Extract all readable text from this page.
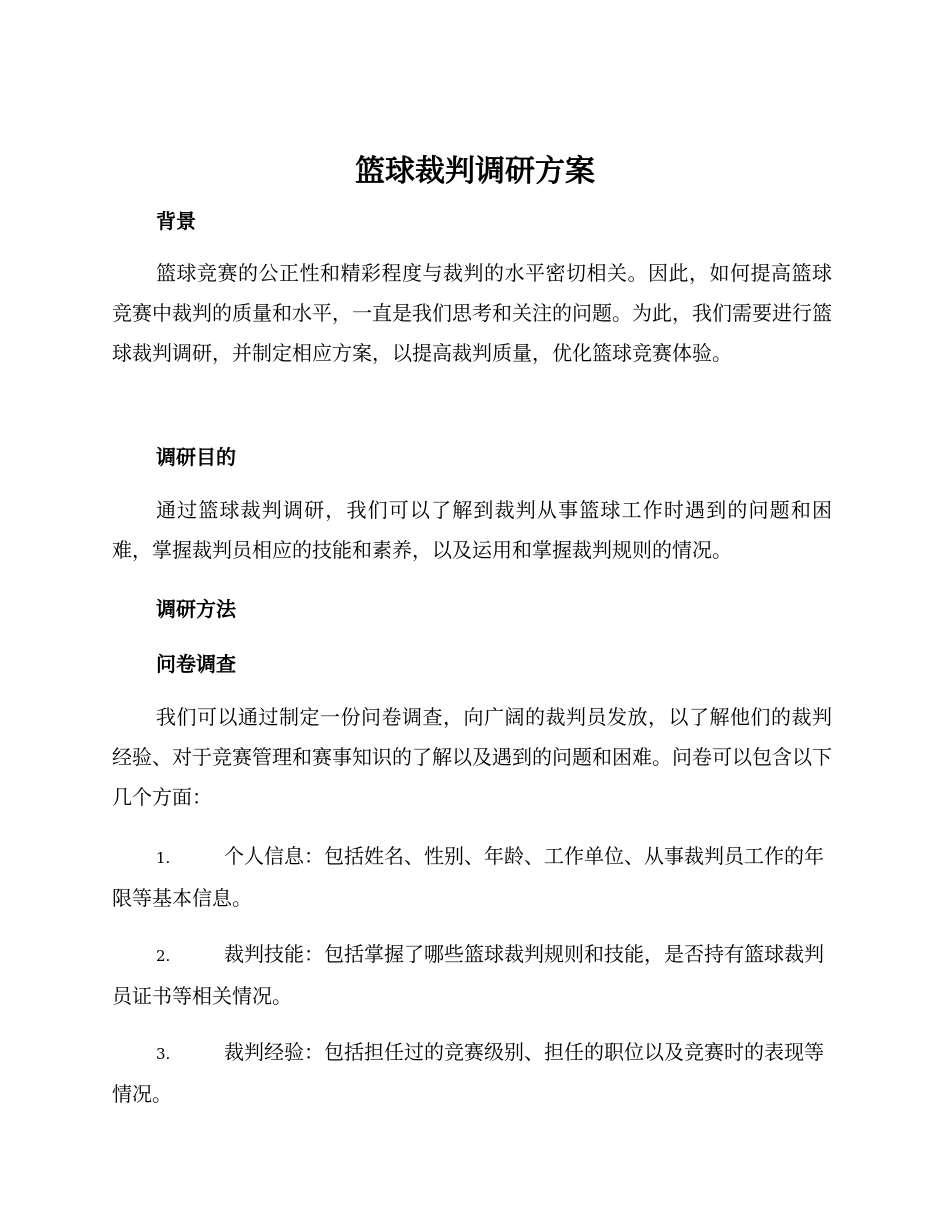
篮球裁判调研方案
背景
篮球竞赛的公正性和精彩程度与裁判的水平密切相关。因此，如何提高篮球竞赛中裁判的质量和水平，一直是我们思考和关注的问题。为此，我们需要进行篮球裁判调研，并制定相应方案，以提高裁判质量，优化篮球竞赛体验。
调研目的
通过篮球裁判调研，我们可以了解到裁判从事篮球工作时遇到的问题和困难，掌握裁判员相应的技能和素养，以及运用和掌握裁判规则的情况。
调研方法
问卷调查
我们可以通过制定一份问卷调查，向广阔的裁判员发放，以了解他们的裁判经验、对于竞赛管理和赛事知识的了解以及遇到的问题和困难。问卷可以包含以下几个方面：
1.	个人信息：包括姓名、性别、年龄、工作单位、从事裁判员工作的年限等基本信息。
2.	裁判技能：包括掌握了哪些篮球裁判规则和技能，是否持有篮球裁判员证书等相关情况。
3.	裁判经验：包括担任过的竞赛级别、担任的职位以及竞赛时的表现等情况。
